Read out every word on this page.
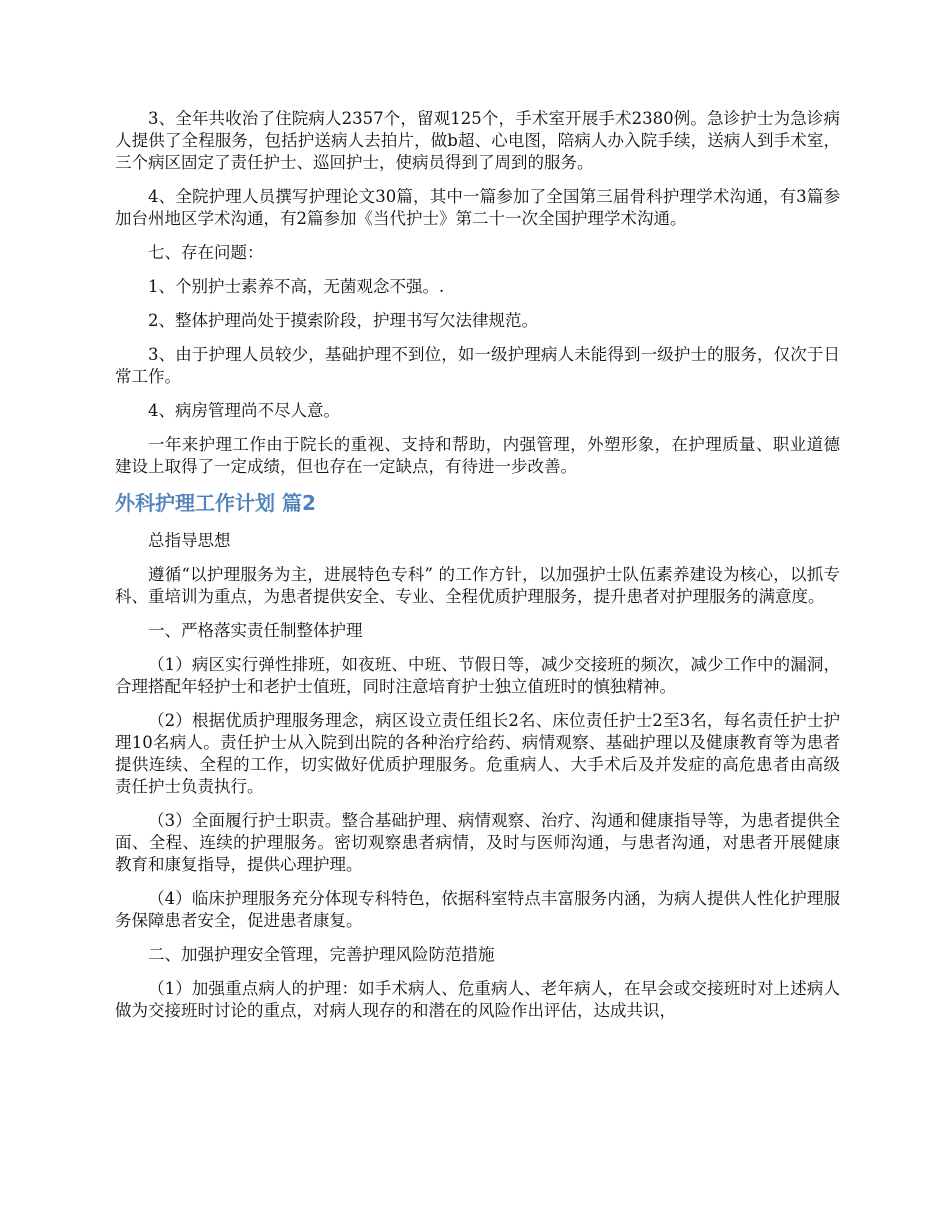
3、全年共收治了住院病人2357个，留观125个，手术室开展手术2380例。急诊护士为急诊病人提供了全程服务，包括护送病人去拍片，做b超、心电图，陪病人办入院手续，送病人到手术室，三个病区固定了责任护士、巡回护士，使病员得到了周到的服务。

4、全院护理人员撰写护理论文30篇，其中一篇参加了全国第三届骨科护理学术沟通，有3篇参加台州地区学术沟通，有2篇参加《当代护士》第二十一次全国护理学术沟通。

七、存在问题：

1、个别护士素养不高，无菌观念不强。.

2、整体护理尚处于摸索阶段，护理书写欠法律规范。

3、由于护理人员较少，基础护理不到位，如一级护理病人未能得到一级护士的服务，仅次于日常工作。

4、病房管理尚不尽人意。

一年来护理工作由于院长的重视、支持和帮助，内强管理，外塑形象，在护理质量、职业道德建设上取得了一定成绩，但也存在一定缺点，有待进一步改善。

外科护理工作计划 篇2

总指导思想

遵循“以护理服务为主，进展特色专科” 的工作方针，以加强护士队伍素养建设为核心，以抓专科、重培训为重点，为患者提供安全、专业、全程优质护理服务，提升患者对护理服务的满意度。

一、严格落实责任制整体护理

（1）病区实行弹性排班，如夜班、中班、节假日等，减少交接班的频次，减少工作中的漏洞，合理搭配年轻护士和老护士值班，同时注意培育护士独立值班时的慎独精神。

（2）根据优质护理服务理念，病区设立责任组长2名、床位责任护士2至3名，每名责任护士护理10名病人。责任护士从入院到出院的各种治疗给药、病情观察、基础护理以及健康教育等为患者提供连续、全程的工作，切实做好优质护理服务。危重病人、大手术后及并发症的高危患者由高级责任护士负责执行。

（3）全面履行护士职责。整合基础护理、病情观察、治疗、沟通和健康指导等，为患者提供全面、全程、连续的护理服务。密切观察患者病情，及时与医师沟通，与患者沟通，对患者开展健康教育和康复指导，提供心理护理。

（4）临床护理服务充分体现专科特色，依据科室特点丰富服务内涵，为病人提供人性化护理服务保障患者安全，促进患者康复。

二、加强护理安全管理，完善护理风险防范措施

（1）加强重点病人的护理：如手术病人、危重病人、老年病人，在早会或交接班时对上述病人做为交接班时讨论的重点，对病人现存的和潜在的风险作出评估，达成共识，
